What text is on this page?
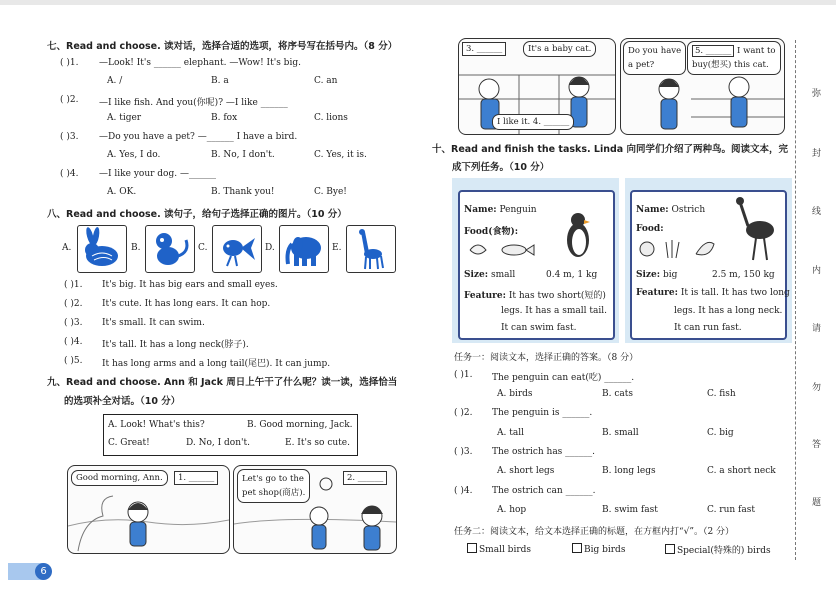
七、Read and choose. 读对话，选择合适的选项，将序号写在括号内。（8 分）
( )1. —Look! It's ______ elephant. —Wow! It's big.
A. /	B. a	C. an
( )2. —I like fish. And you(你呢)? —I like ______
A. tiger	B. fox	C. lions
( )3. —Do you have a pet? —______ I have a bird.
A. Yes, I do.	B. No, I don't.	C. Yes, it is.
( )4. —I like your dog. —______
A. OK.	B. Thank you!	C. Bye!
八、Read and choose. 读句子，给句子选择正确的图片。（10 分）
A.	B.	C.	D.	E.
( )1. It's big. It has big ears and small eyes.
( )2. It's cute. It has long ears. It can hop.
( )3. It's small. It can swim.
( )4. It's tall. It has a long neck(脖子).
( )5. It has long arms and a long tail(尾巴). It can jump.
九、Read and choose. Ann 和 Jack 周日上午干了什么呢？读一读，选择恰当
的选项补全对话。（10 分）
A. Look! What's this?	B. Good morning, Jack.
C. Great!	D. No, I don't.	E. It's so cute.
Good morning, Ann.	1. ______	Let's go to the
pet shop(商店).
2. ______
6
3. ______	It's a baby cat.
I like it. 4. ______
Do you have
a pet?
5. ______ I want to
buy(想买) this cat.
十、Read and finish the tasks. Linda 向同学们介绍了两种鸟。阅读文本，完
成下列任务。（10 分）
Name: Penguin
Food(食物):
Size: small	0.4 m, 1 kg
Feature: It has two short(短的)
legs. It has a small tail.
It can swim fast.
Name: Ostrich
Food:
Size: big	2.5 m, 150 kg
Feature: It is tall. It has two long
legs. It has a long neck.
It can run fast.
任务一：阅读文本，选择正确的答案。（8 分）
( )1. The penguin can eat(吃) ______.
A. birds	B. cats	C. fish
( )2. The penguin is ______.
A. tall	B. small	C. big
( )3. The ostrich has ______.
A. short legs	B. long legs	C. a short neck
( )4. The ostrich can ______.
A. hop	B. swim fast	C. run fast
任务二：阅读文本，给文本选择正确的标题，在方框内打“√”。（2 分）
Small birds	Big birds	Special(特殊的) birds
弥
封
线
内
请
勿
答
题
